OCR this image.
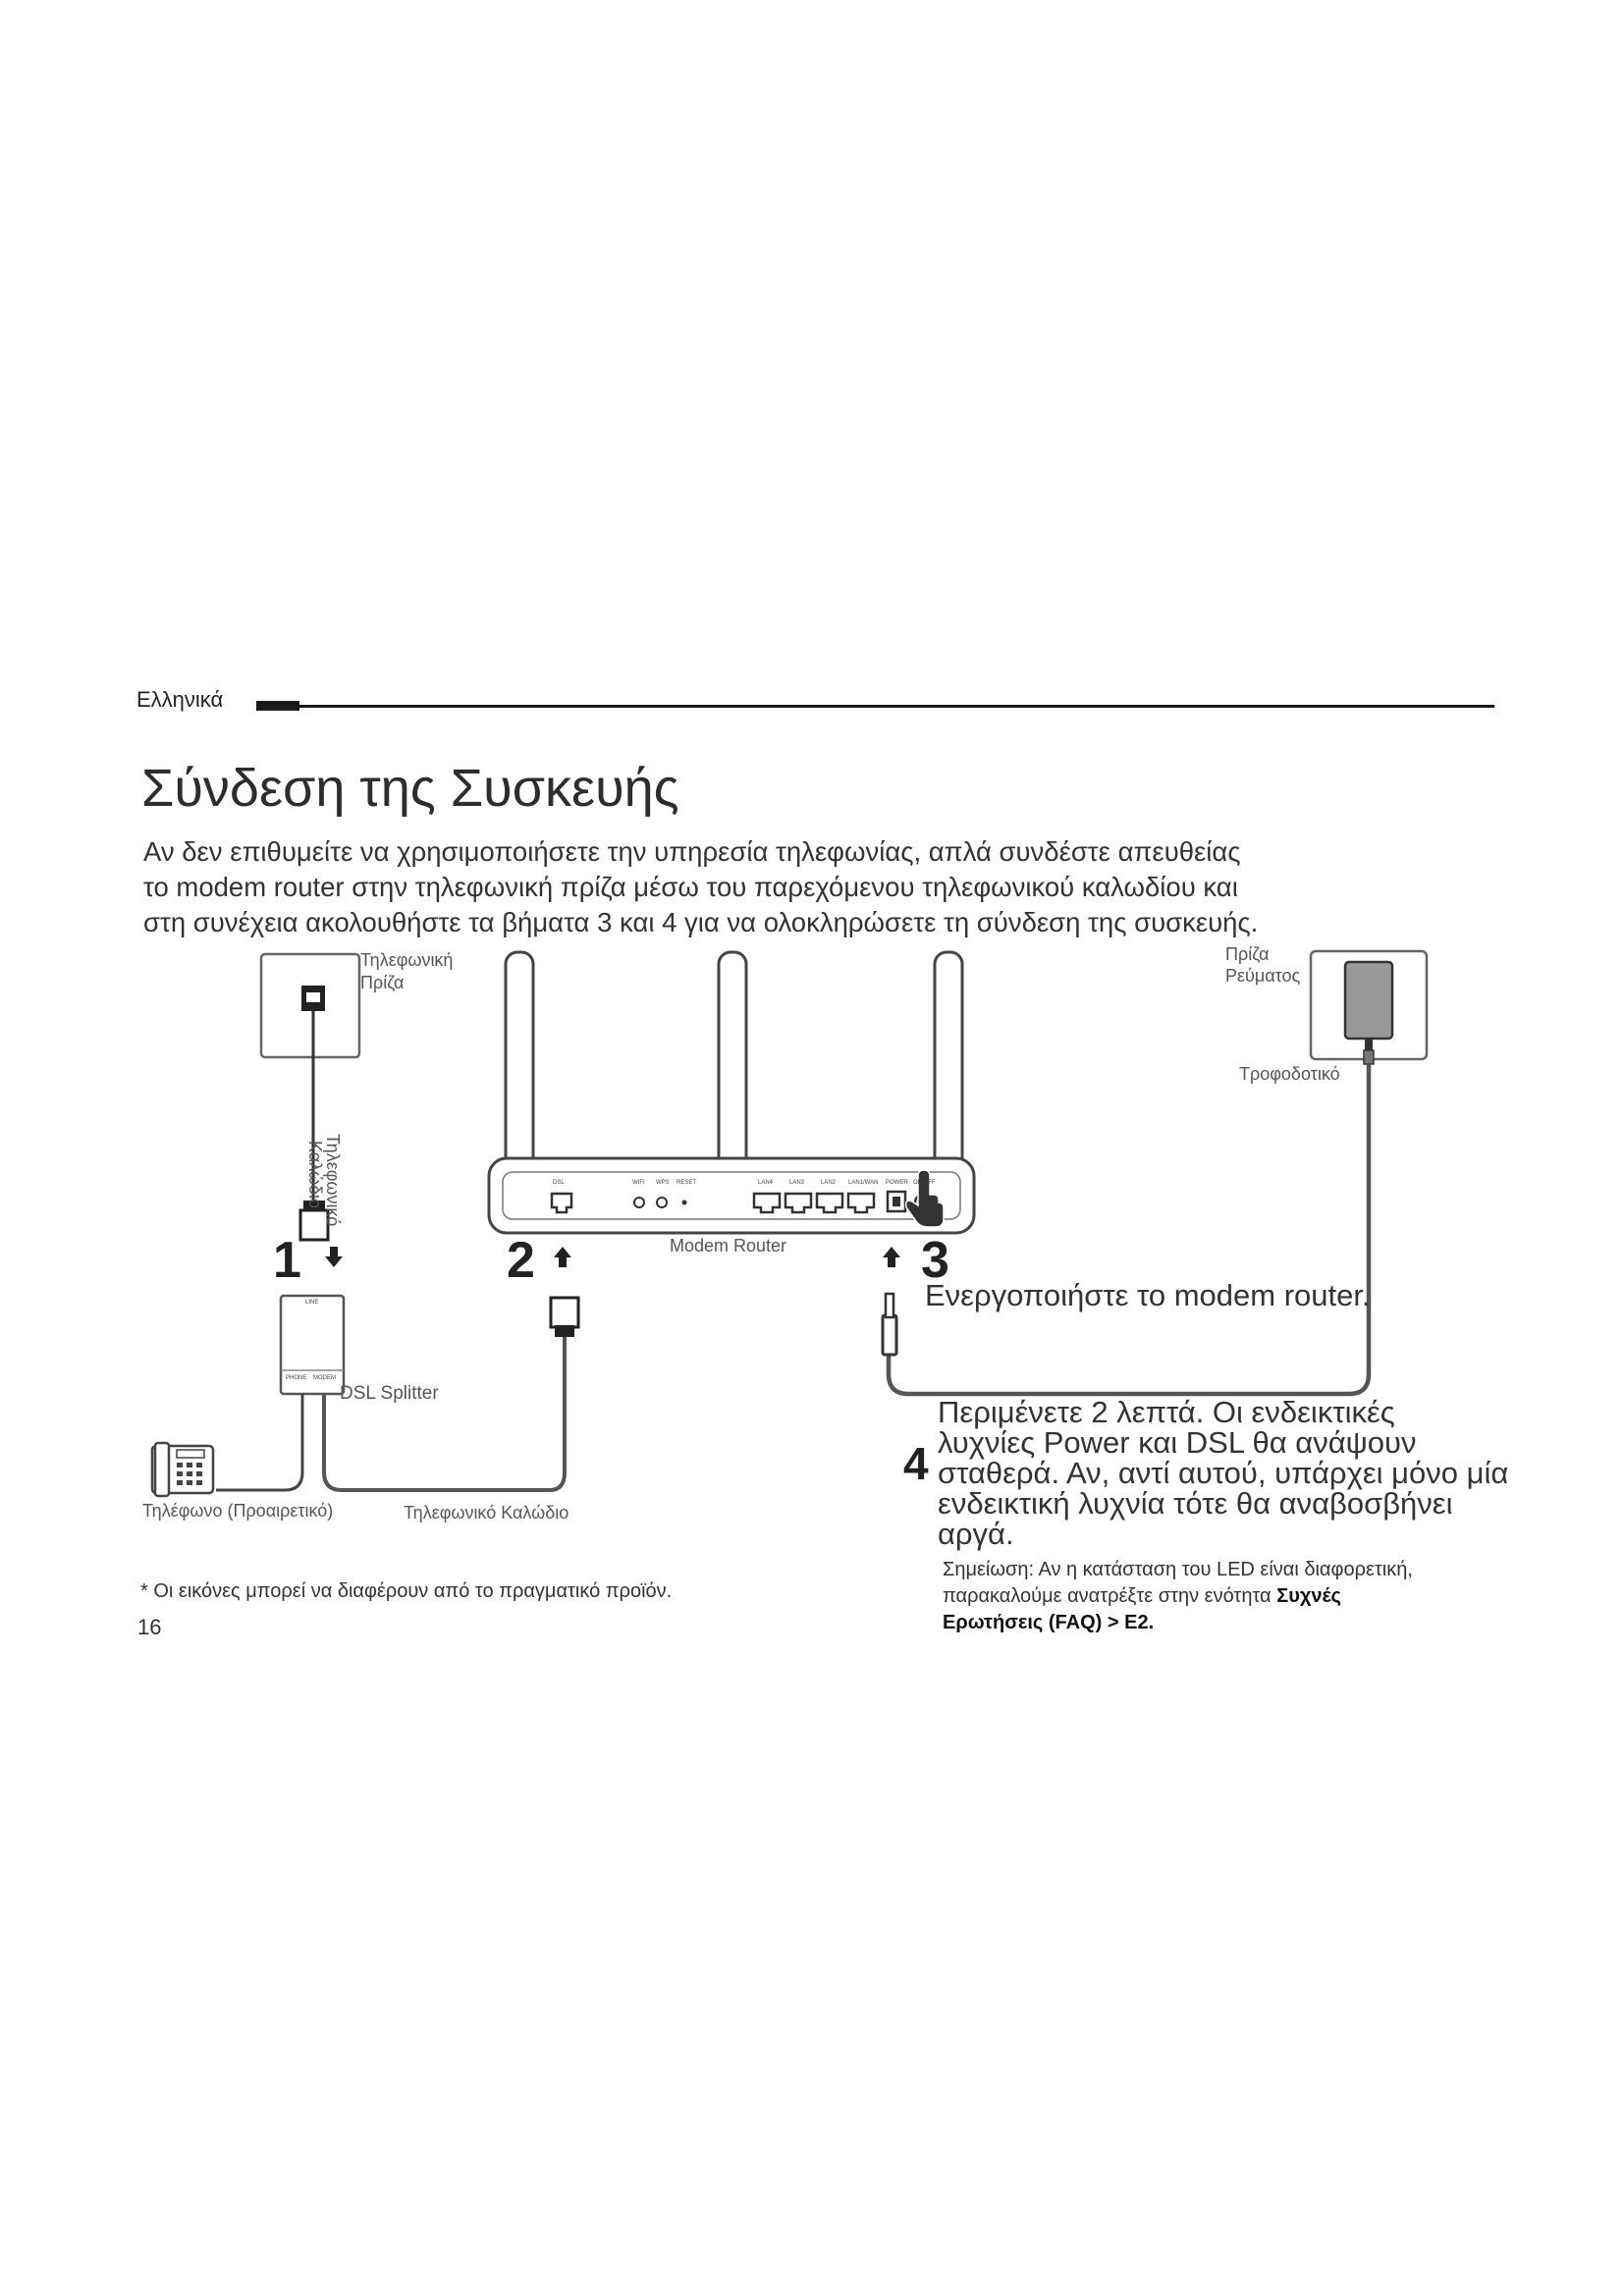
Ελληνικά
Σύνδεση της Συσκευής
Αν δεν επιθυμείτε να χρησιμοποιήσετε την υπηρεσία τηλεφωνίας, απλά συνδέστε απευθείας
το modem router στην τηλεφωνική πρίζα μέσω του παρεχόμενου τηλεφωνικού καλωδίου και
στη συνέχεια ακολουθήστε τα βήματα 3 και 4 για να ολοκληρώσετε τη σύνδεση της συσκευής.
Τηλεφωνική
Πρίζα
Τηλεφωνικό
Καλώδιο
Πρίζα
Ρεύματος
Τροφοδοτικό
Modem Router
DSL Splitter
Τηλέφωνο (Προαιρετικό)	Τηλεφωνικό Καλώδιο
DSL	WIFI WPS RESET	LAN4	LAN3	LAN2 LAN1/WAN POWER ON/OFF
LINE
PHONE MODEM
1	2	3
Ενεργοποιήστε το modem router.
4
Περιμένετε 2 λεπτά. Οι ενδεικτικές
λυχνίες Power και DSL θα ανάψουν
σταθερά. Αν, αντί αυτού, υπάρχει μόνο μία
ενδεικτική λυχνία τότε θα αναβοσβήνει
αργά.
Σημείωση: Αν η κατάσταση του LED είναι διαφορετική,
παρακαλούμε ανατρέξτε στην ενότητα Συχνές
Ερωτήσεις (FAQ) > E2.
* Οι εικόνες μπορεί να διαφέρουν από το πραγματικό προϊόν.
16
